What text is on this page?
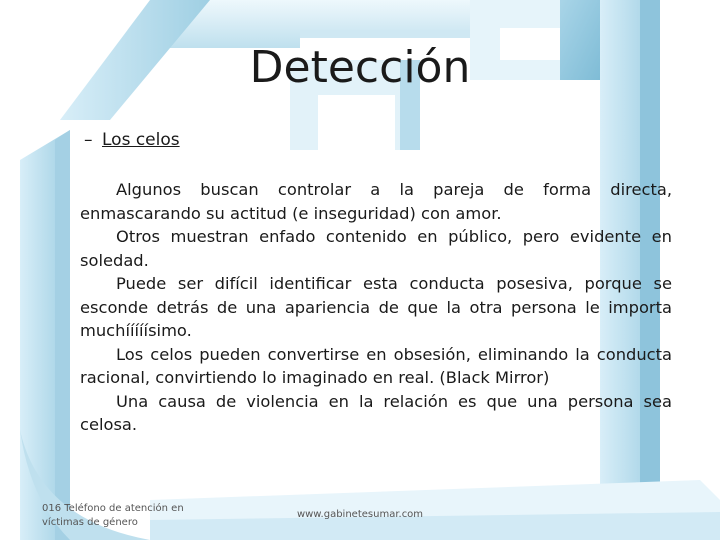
Detección
– Los celos

Algunos buscan controlar a la pareja de forma directa, enmascarando su actitud (e inseguridad) con amor.

Otros muestran enfado contenido en público, pero evidente en soledad.

Puede ser difícil identificar esta conducta posesiva, porque se esconde detrás de una apariencia de que la otra persona le importa muchííííísimo.

Los celos pueden convertirse en obsesión, eliminando la conducta racional, convirtiendo lo imaginado en real. (Black Mirror)

Una causa de violencia en la relación es que una persona sea celosa.

016 Teléfono de atención en víctimas de género
www.gabinetesumar.com
